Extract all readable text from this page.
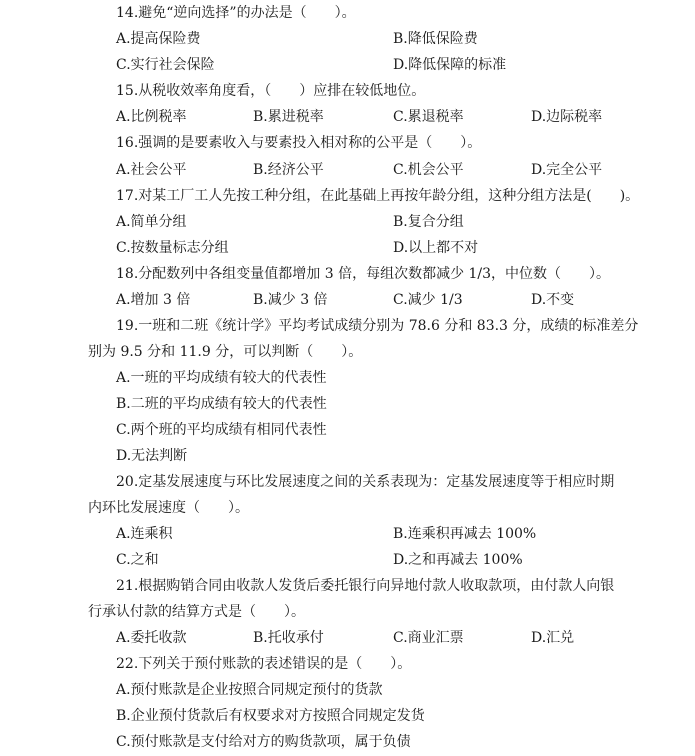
14.避免“逆向选择”的办法是（　　）。
A.提高保险费	B.降低保险费
C.实行社会保险	D.降低保障的标准
15.从税收效率角度看，（　　）应排在较低地位。
A.比例税率	B.累进税率	C.累退税率	D.边际税率
16.强调的是要素收入与要素投入相对称的公平是（　　）。
A.社会公平	B.经济公平	C.机会公平	D.完全公平
17.对某工厂工人先按工种分组，在此基础上再按年龄分组，这种分组方法是(　　)。
A.简单分组	B.复合分组
C.按数量标志分组	D.以上都不对
18.分配数列中各组变量值都增加 3 倍，每组次数都减少 1/3，中位数（　　）。
A.增加 3 倍	B.减少 3 倍	C.减少 1/3	D.不变
19.一班和二班《统计学》平均考试成绩分别为 78.6 分和 83.3 分，成绩的标准差分
别为 9.5 分和 11.9 分，可以判断（　　）。
A.一班的平均成绩有较大的代表性
B.二班的平均成绩有较大的代表性
C.两个班的平均成绩有相同代表性
D.无法判断
20.定基发展速度与环比发展速度之间的关系表现为：定基发展速度等于相应时期
内环比发展速度（　　）。
A.连乘积	B.连乘积再减去 100%
C.之和	D.之和再减去 100%
21.根据购销合同由收款人发货后委托银行向异地付款人收取款项，由付款人向银
行承认付款的结算方式是（　　）。
A.委托收款	B.托收承付	C.商业汇票	D.汇兑
22.下列关于预付账款的表述错误的是（　　）。
A.预付账款是企业按照合同规定预付的货款
B.企业预付货款后有权要求对方按照合同规定发货
C.预付账款是支付给对方的购货款项，属于负债
